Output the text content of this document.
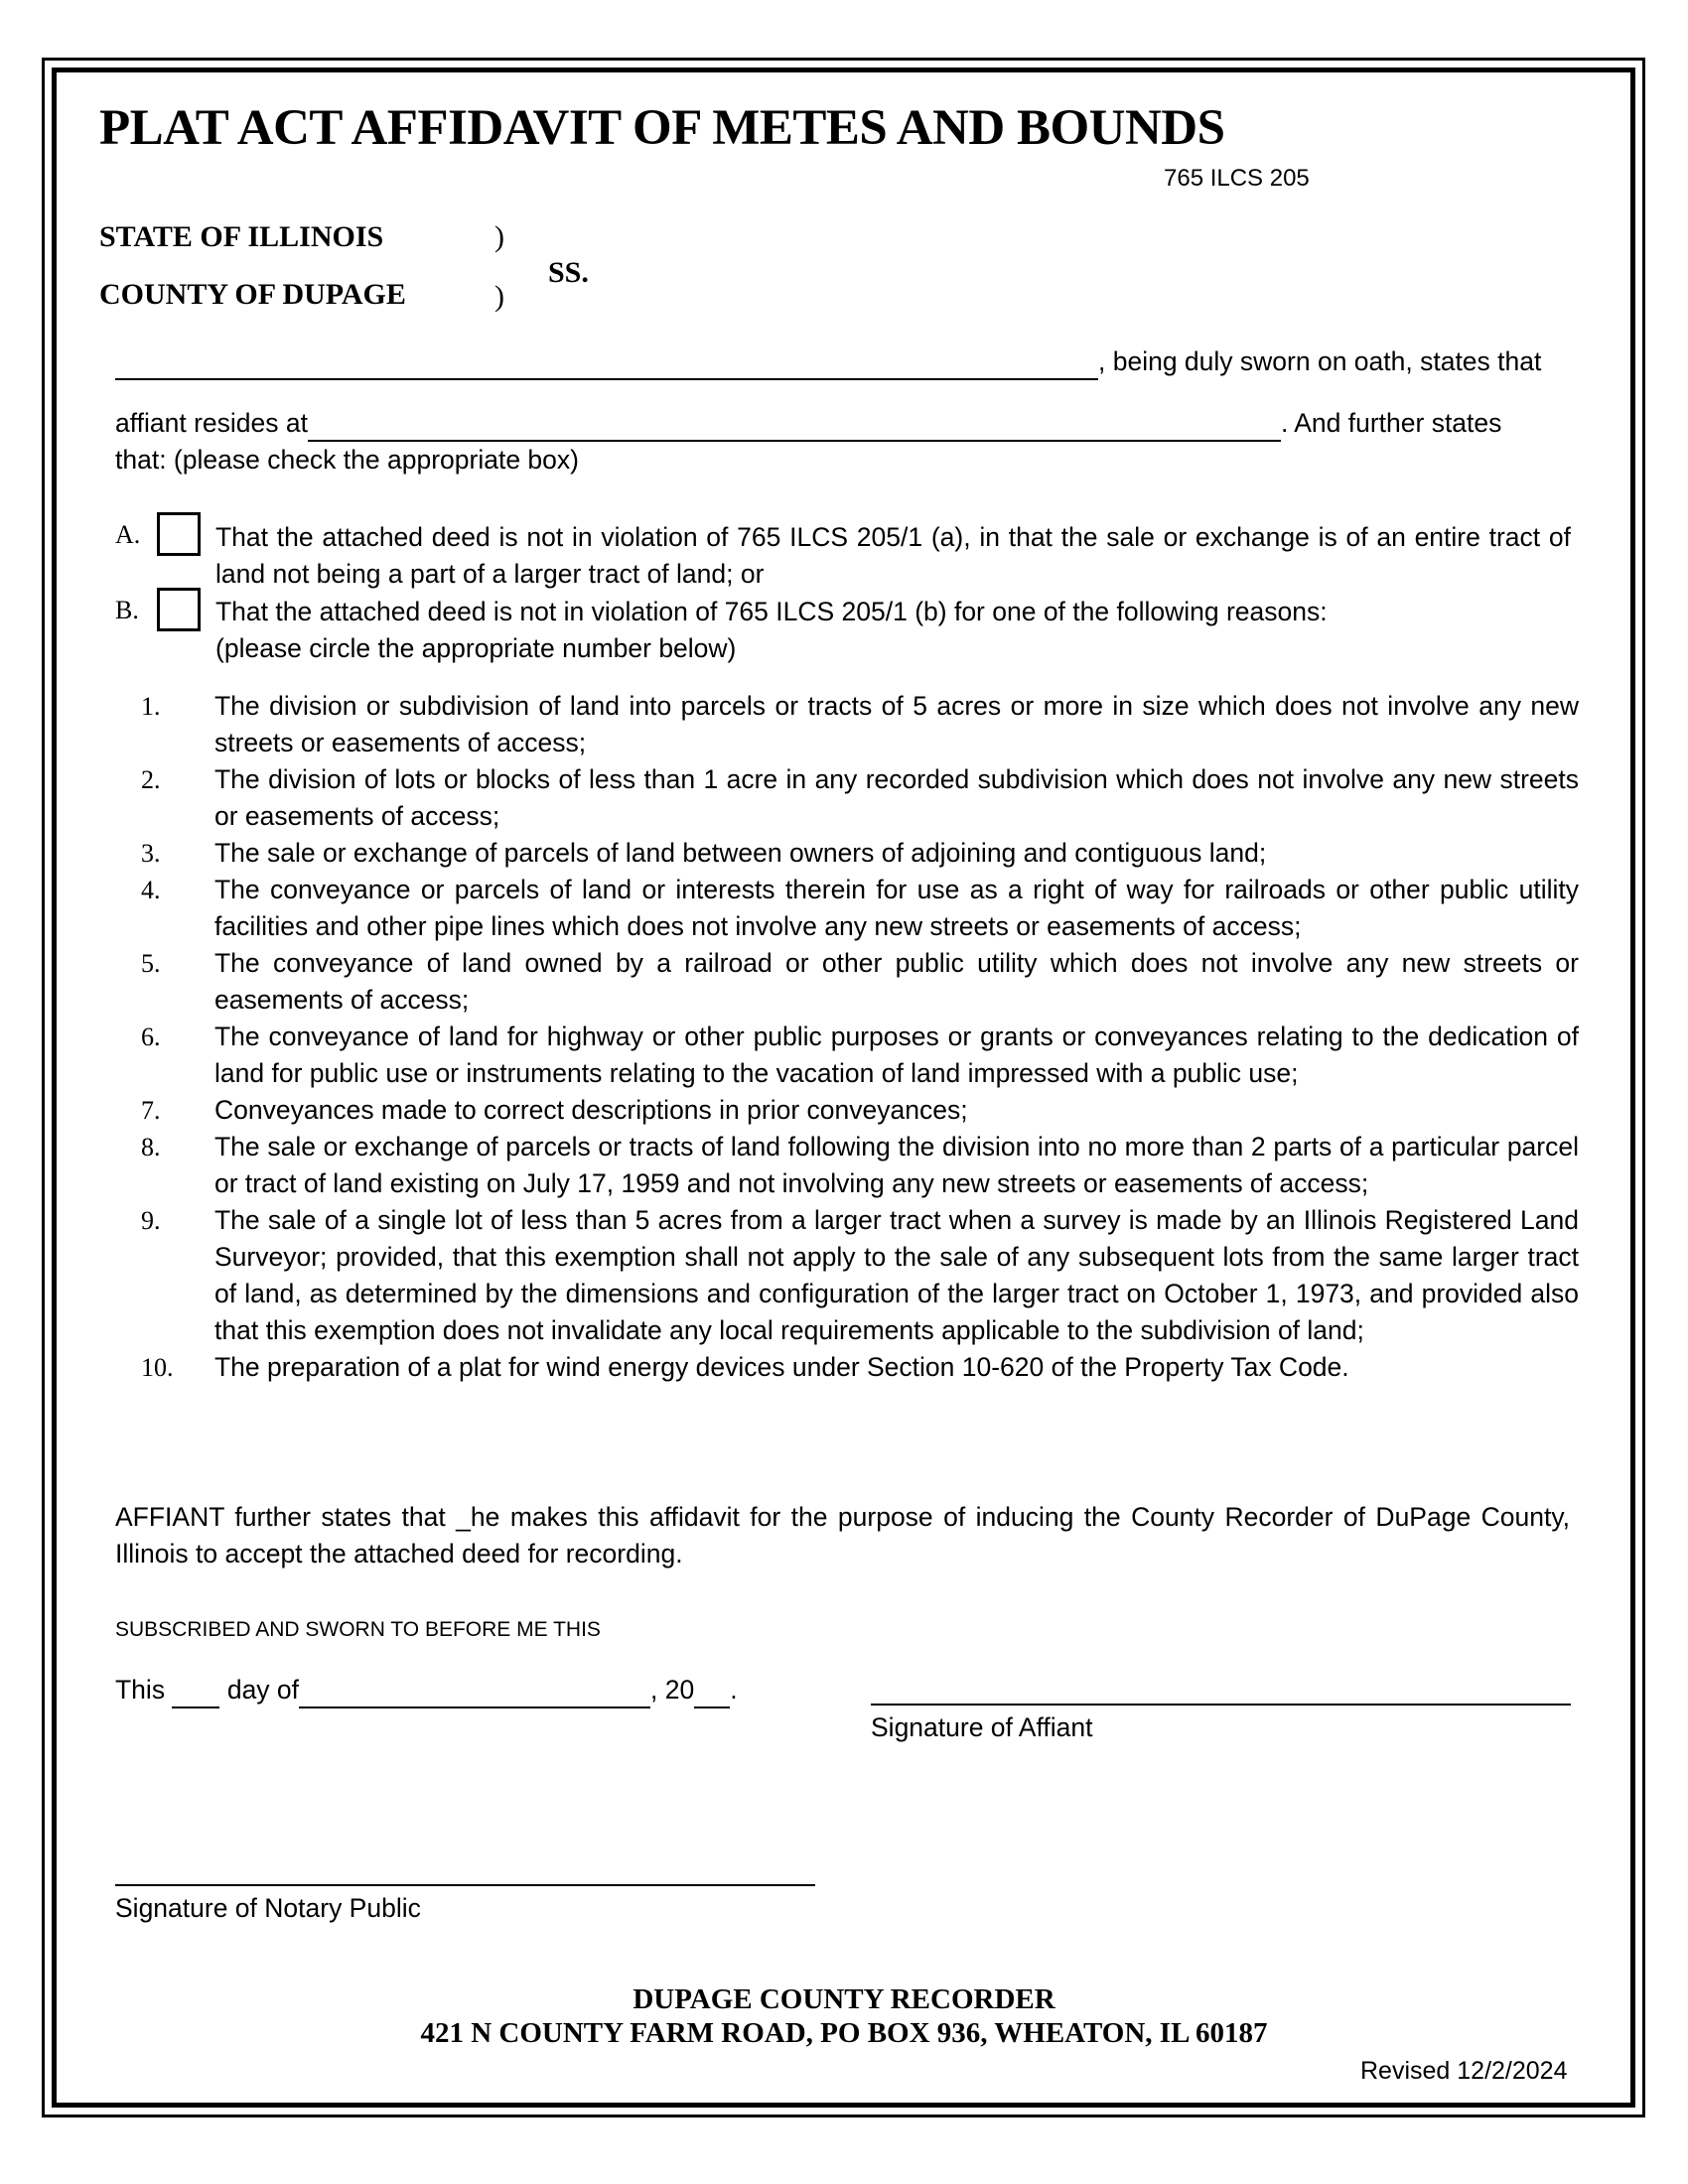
PLAT ACT AFFIDAVIT OF METES AND BOUNDS
765 ILCS 205
STATE OF ILLINOIS	)
SS.
COUNTY OF DUPAGE	)
, being duly sworn on oath, states that
affiant resides at	. And further states
that: (please check the appropriate box)
A.	That the attached deed is not in violation of 765 ILCS 205/1 (a), in that the sale or exchange is of an entire tract of land not being a part of a larger tract of land; or
B.	That the attached deed is not in violation of 765 ILCS 205/1 (b) for one of the following reasons:
(please circle the appropriate number below)
1.	The division or subdivision of land into parcels or tracts of 5 acres or more in size which does not involve any new streets or easements of access;
2.	The division of lots or blocks of less than 1 acre in any recorded subdivision which does not involve any new streets or easements of access;
3.	The sale or exchange of parcels of land between owners of adjoining and contiguous land;
4.	The conveyance or parcels of land or interests therein for use as a right of way for railroads or other public utility facilities and other pipe lines which does not involve any new streets or easements of access;
5.	The conveyance of land owned by a railroad or other public utility which does not involve any new streets or easements of access;
6.	The conveyance of land for highway or other public purposes or grants or conveyances relating to the dedication of land for public use or instruments relating to the vacation of land impressed with a public use;
7.	Conveyances made to correct descriptions in prior conveyances;
8.	The sale or exchange of parcels or tracts of land following the division into no more than 2 parts of a particular parcel or tract of land existing on July 17, 1959 and not involving any new streets or easements of access;
9.	The sale of a single lot of less than 5 acres from a larger tract when a survey is made by an Illinois Registered Land Surveyor; provided, that this exemption shall not apply to the sale of any subsequent lots from the same larger tract of land, as determined by the dimensions and configuration of the larger tract on October 1, 1973, and provided also that this exemption does not invalidate any local requirements applicable to the subdivision of land;
10.	The preparation of a plat for wind energy devices under Section 10-620 of the Property Tax Code.
AFFIANT further states that _he makes this affidavit for the purpose of inducing the County Recorder of DuPage County, Illinois to accept the attached deed for recording.
SUBSCRIBED AND SWORN TO BEFORE ME THIS
This day of	, 20 .
Signature of Affiant
Signature of Notary Public
DUPAGE COUNTY RECORDER
421 N COUNTY FARM ROAD, PO BOX 936, WHEATON, IL 60187
Revised 12/2/2024
